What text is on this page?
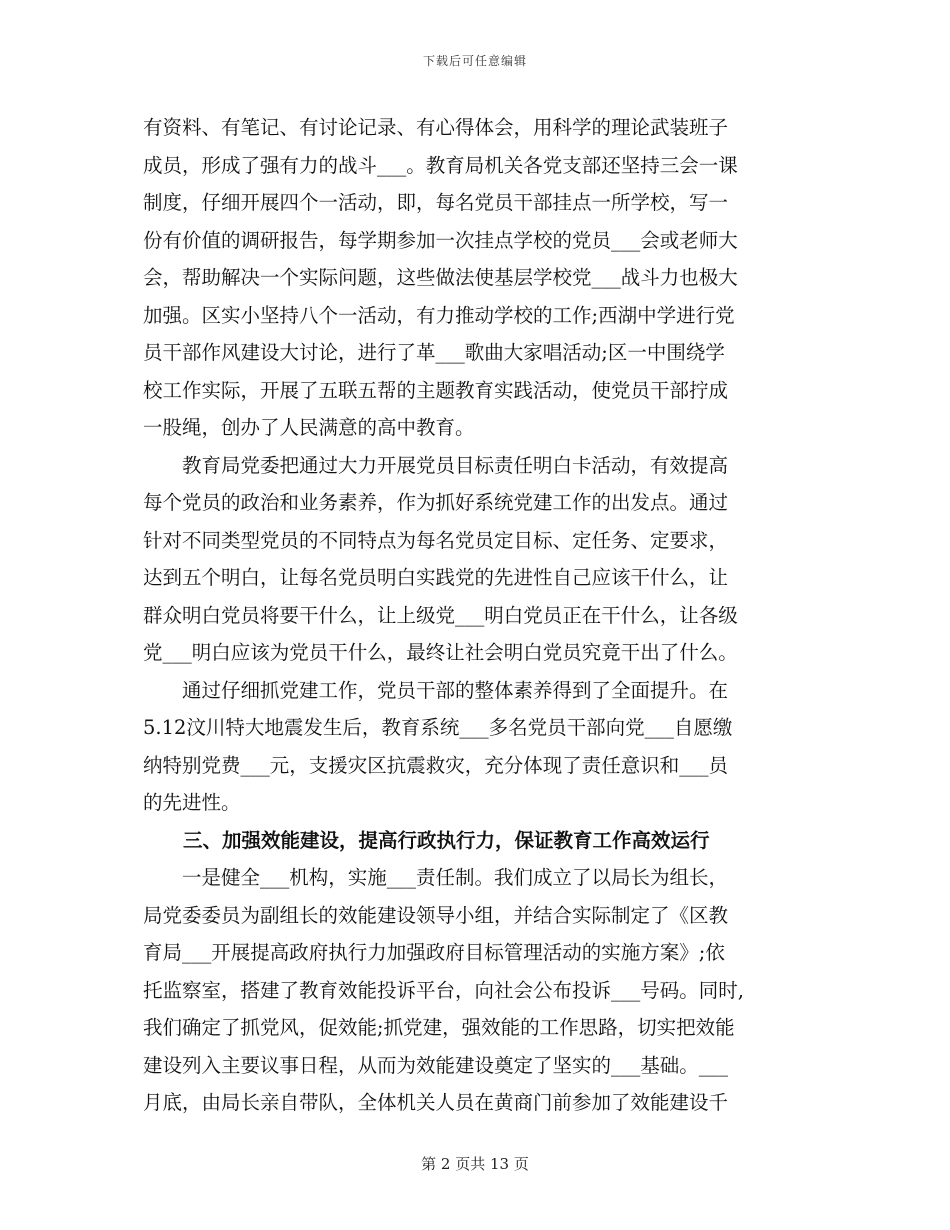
下载后可任意编辑
有资料、有笔记、有讨论记录、有心得体会，用科学的理论武装班子
成员，形成了强有力的战斗___。教育局机关各党支部还坚持三会一课
制度，仔细开展四个一活动，即，每名党员干部挂点一所学校，写一
份有价值的调研报告，每学期参加一次挂点学校的党员___会或老师大
会，帮助解决一个实际问题，这些做法使基层学校党___战斗力也极大
加强。区实小坚持八个一活动，有力推动学校的工作;西湖中学进行党
员干部作风建设大讨论，进行了革___歌曲大家唱活动;区一中围绕学
校工作实际，开展了五联五帮的主题教育实践活动，使党员干部拧成
一股绳，创办了人民满意的高中教育。
　　教育局党委把通过大力开展党员目标责任明白卡活动，有效提高
每个党员的政治和业务素养，作为抓好系统党建工作的出发点。通过
针对不同类型党员的不同特点为每名党员定目标、定任务、定要求，
达到五个明白，让每名党员明白实践党的先进性自己应该干什么，让
群众明白党员将要干什么，让上级党___明白党员正在干什么，让各级
党___明白应该为党员干什么，最终让社会明白党员究竟干出了什么。
　　通过仔细抓党建工作，党员干部的整体素养得到了全面提升。在
5.12汶川特大地震发生后，教育系统___多名党员干部向党___自愿缴
纳特别党费___元，支援灾区抗震救灾，充分体现了责任意识和___员
的先进性。
三、加强效能建设，提高行政执行力，保证教育工作高效运行
　　一是健全___机构，实施___责任制。我们成立了以局长为组长，
局党委委员为副组长的效能建设领导小组，并结合实际制定了《区教
育局___开展提高政府执行力加强政府目标管理活动的实施方案》;依
托监察室，搭建了教育效能投诉平台，向社会公布投诉___号码。同时,
我们确定了抓党风，促效能;抓党建，强效能的工作思路，切实把效能
建设列入主要议事日程，从而为效能建设奠定了坚实的___基础。___
月底，由局长亲自带队，全体机关人员在黄商门前参加了效能建设千
第 2 页共 13 页
